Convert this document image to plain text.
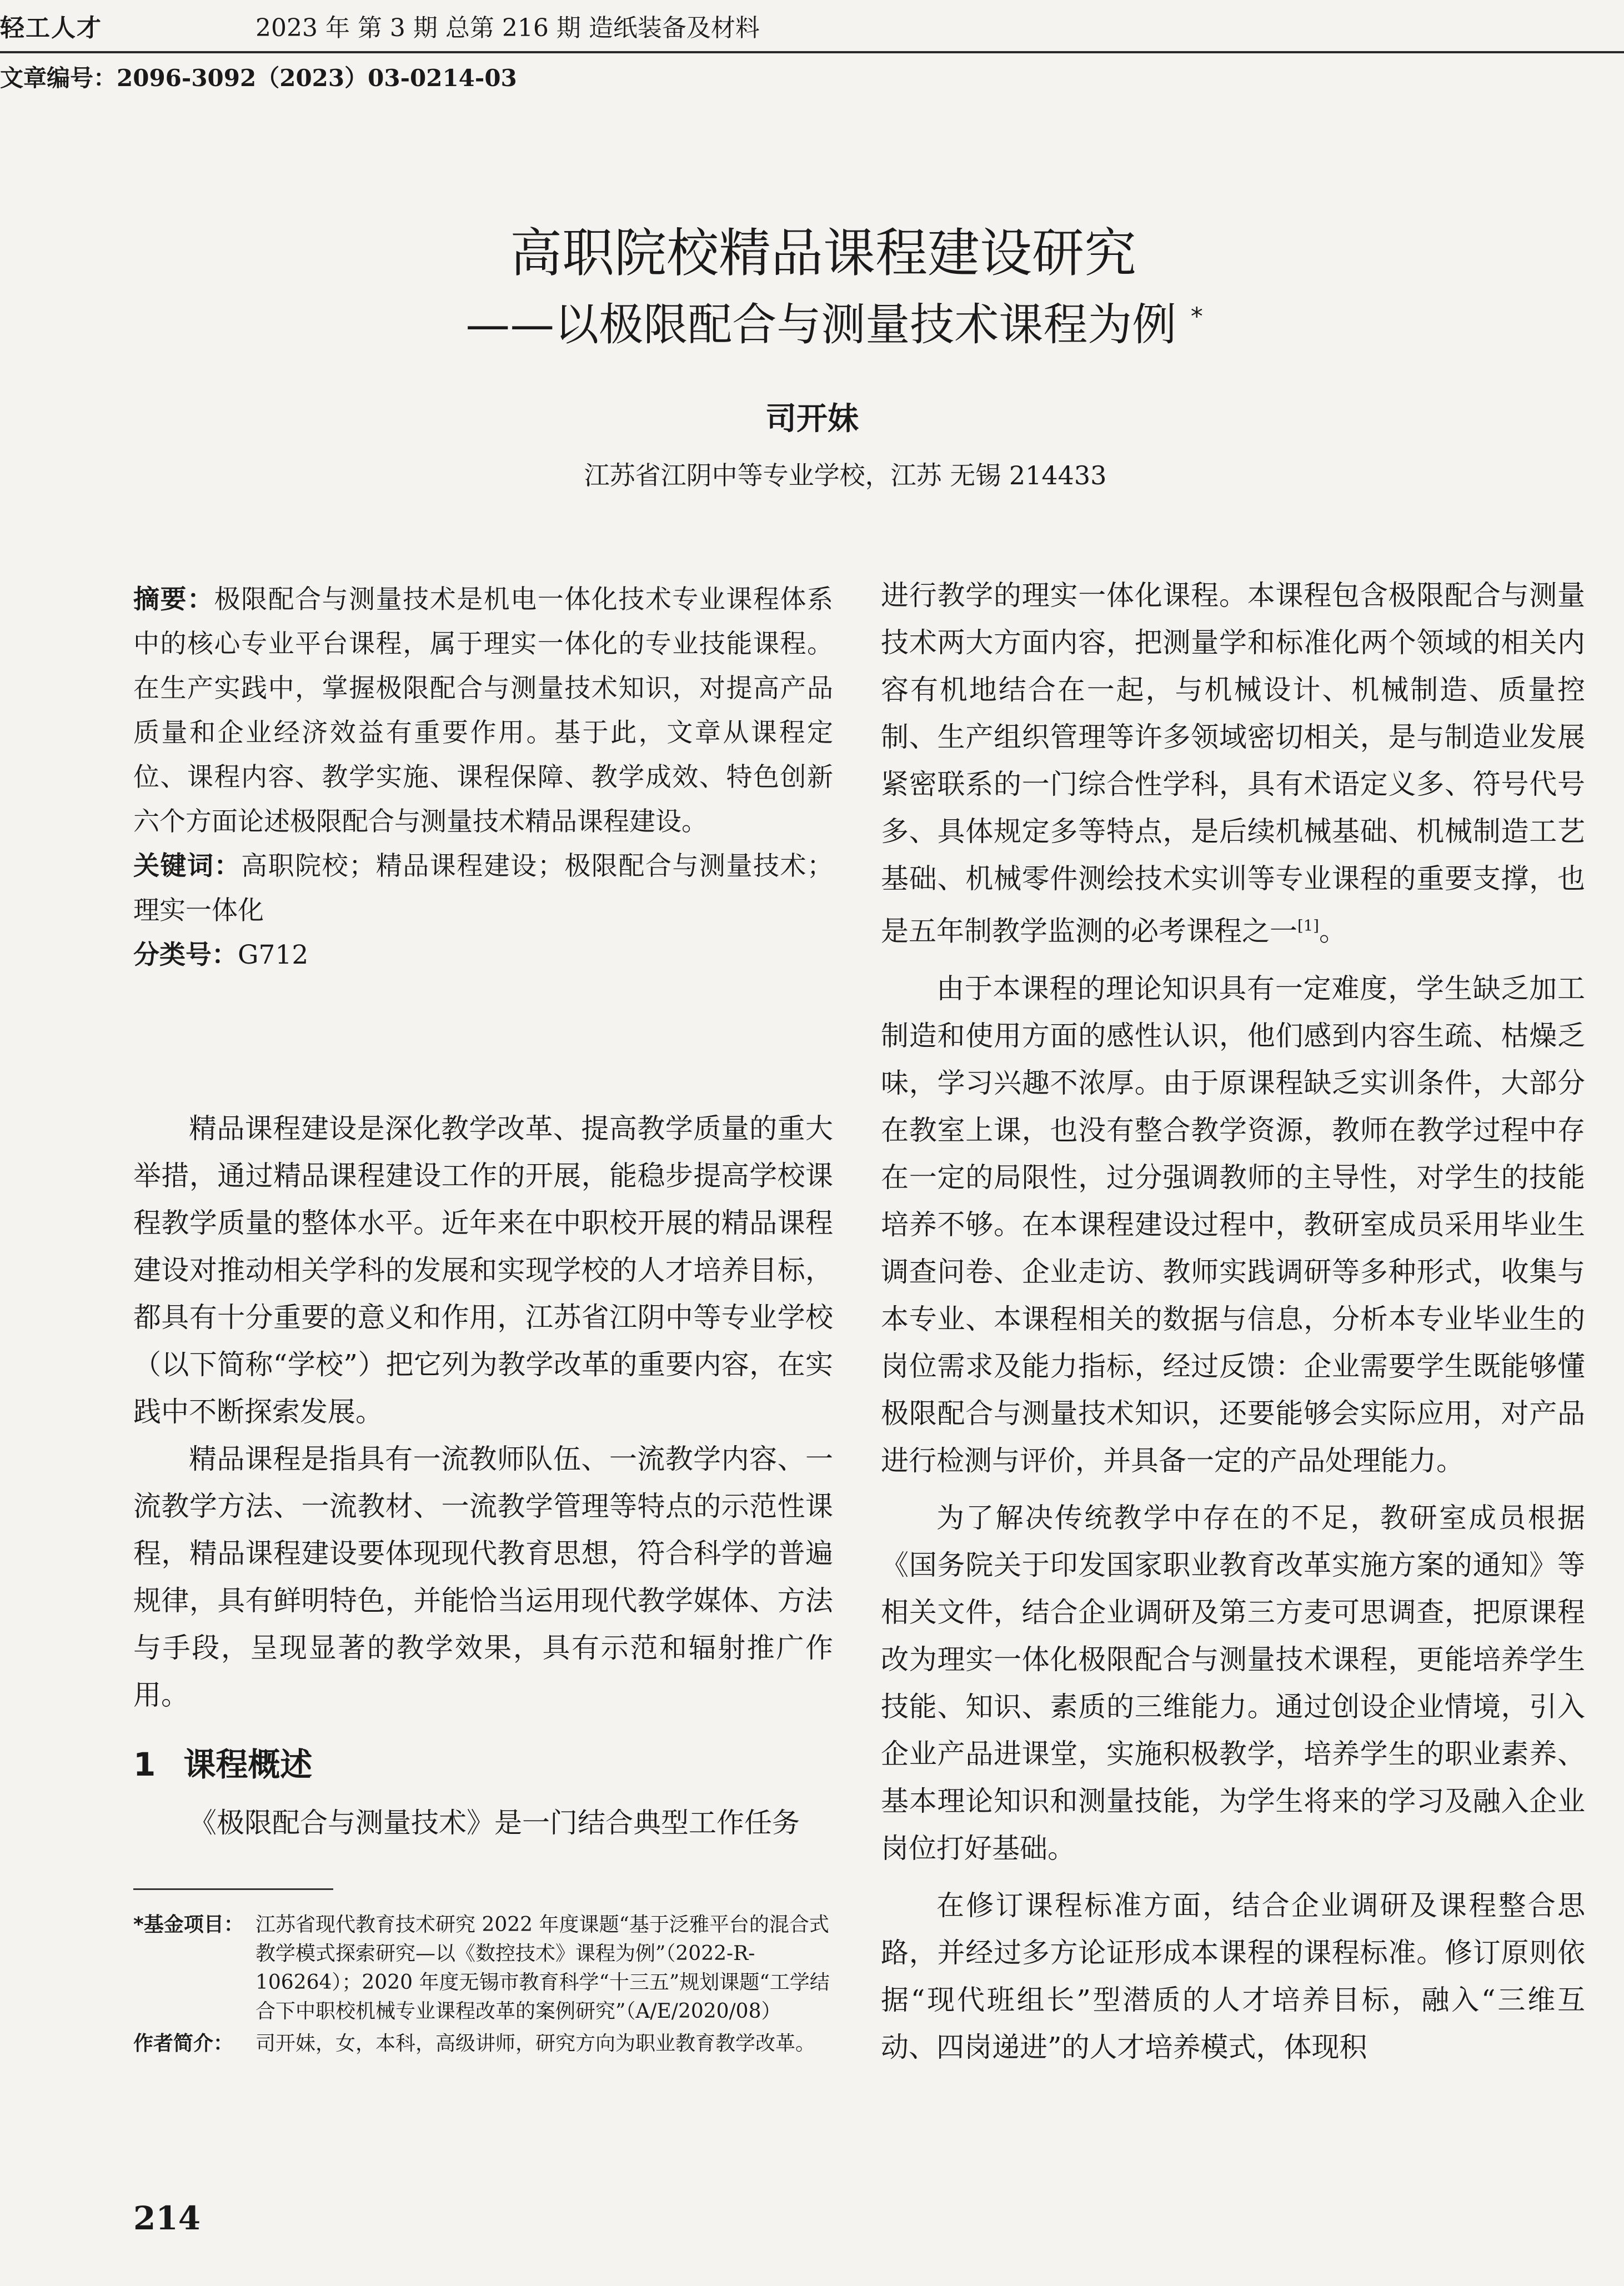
轻工人才	2023 年 第 3 期 总第 216 期 造纸装备及材料
文章编号：2096-3092（2023）03-0214-03
高职院校精品课程建设研究
——以极限配合与测量技术课程为例 *
司开妹
江苏省江阴中等专业学校，江苏 无锡 214433

摘要：极限配合与测量技术是机电一体化技术专业课程体系中的核心专业平台课程，属于理实一体化的专业技能课程。在生产实践中，掌握极限配合与测量技术知识，对提高产品质量和企业经济效益有重要作用。基于此，文章从课程定位、课程内容、教学实施、课程保障、教学成效、特色创新六个方面论述极限配合与测量技术精品课程建设。

关键词：高职院校；精品课程建设；极限配合与测量技术；理实一体化

分类号：G712

精品课程建设是深化教学改革、提高教学质量的重大举措，通过精品课程建设工作的开展，能稳步提高学校课程教学质量的整体水平。近年来在中职校开展的精品课程建设对推动相关学科的发展和实现学校的人才培养目标，都具有十分重要的意义和作用，江苏省江阴中等专业学校（以下简称“学校”）把它列为教学改革的重要内容，在实践中不断探索发展。

精品课程是指具有一流教师队伍、一流教学内容、一流教学方法、一流教材、一流教学管理等特点的示范性课程，精品课程建设要体现现代教育思想，符合科学的普遍规律，具有鲜明特色，并能恰当运用现代教学媒体、方法与手段，呈现显著的教学效果，具有示范和辐射推广作用。

1 课程概述

《极限配合与测量技术》是一门结合典型工作任务

*基金项目： 江苏省现代教育技术研究 2022 年度课题“基于泛雅平台的混合式教学模式探索研究—以《数控技术》课程为例”（2022-R-106264）；2020 年度无锡市教育科学“十三五”规划课题“工学结合下中职校机械专业课程改革的案例研究”（A/E/2020/08）
作者简介：	司开妹，女，本科，高级讲师，研究方向为职业教育教学改革。

进行教学的理实一体化课程。本课程包含极限配合与测量技术两大方面内容，把测量学和标准化两个领域的相关内容有机地结合在一起，与机械设计、机械制造、质量控制、生产组织管理等许多领域密切相关，是与制造业发展紧密联系的一门综合性学科，具有术语定义多、符号代号多、具体规定多等特点，是后续机械基础、机械制造工艺基础、机械零件测绘技术实训等专业课程的重要支撑，也是五年制教学监测的必考课程之一[1]。

由于本课程的理论知识具有一定难度，学生缺乏加工制造和使用方面的感性认识，他们感到内容生疏、枯燥乏味，学习兴趣不浓厚。由于原课程缺乏实训条件，大部分在教室上课，也没有整合教学资源，教师在教学过程中存在一定的局限性，过分强调教师的主导性，对学生的技能培养不够。在本课程建设过程中，教研室成员采用毕业生调查问卷、企业走访、教师实践调研等多种形式，收集与本专业、本课程相关的数据与信息，分析本专业毕业生的岗位需求及能力指标，经过反馈：企业需要学生既能够懂极限配合与测量技术知识，还要能够会实际应用，对产品进行检测与评价，并具备一定的产品处理能力。

为了解决传统教学中存在的不足，教研室成员根据《国务院关于印发国家职业教育改革实施方案的通知》等相关文件，结合企业调研及第三方麦可思调查，把原课程改为理实一体化极限配合与测量技术课程，更能培养学生技能、知识、素质的三维能力。通过创设企业情境，引入企业产品进课堂，实施积极教学，培养学生的职业素养、基本理论知识和测量技能，为学生将来的学习及融入企业岗位打好基础。

在修订课程标准方面，结合企业调研及课程整合思路，并经过多方论证形成本课程的课程标准。修订原则依据“现代班组长”型潜质的人才培养目标，融入“三维互动、四岗递进”的人才培养模式，体现积

214
